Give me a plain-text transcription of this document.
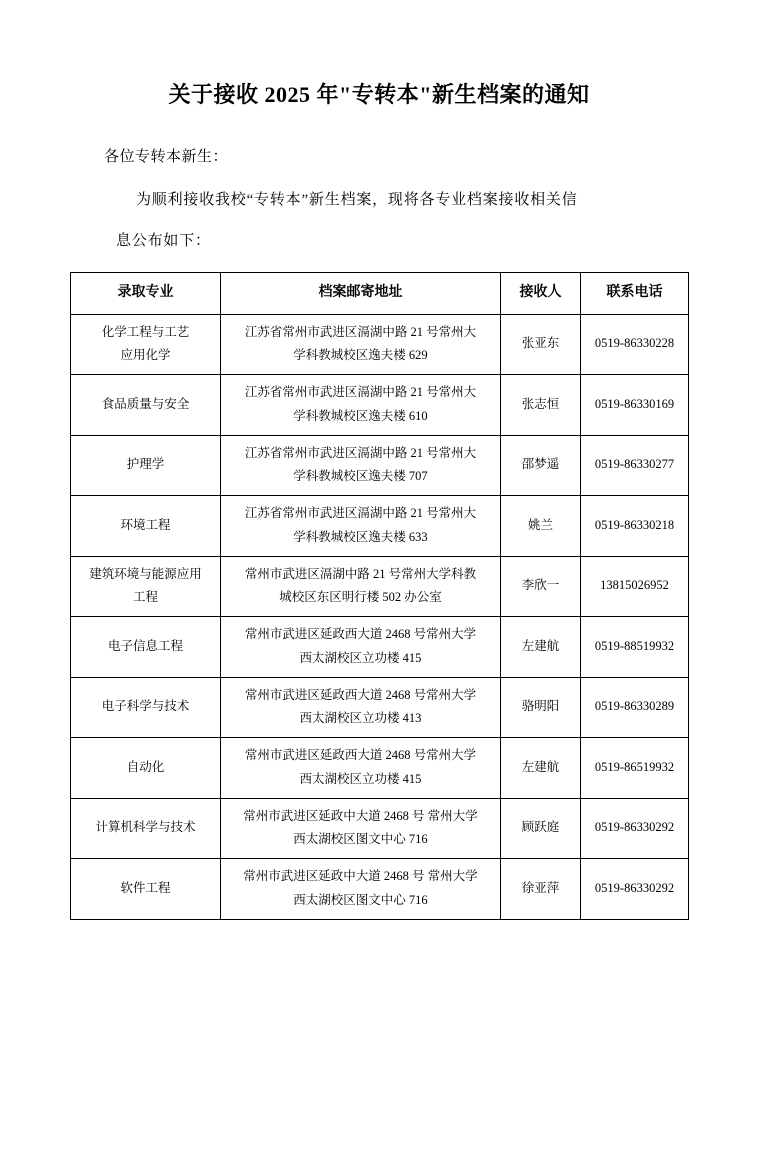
关于接收 2025 年"专转本"新生档案的通知

各位专转本新生：

为顺利接收我校“专转本”新生档案，现将各专业档案接收相关信

息公布如下：

录取专业	档案邮寄地址	接收人	联系电话

化学工程与工艺
应用化学	江苏省常州市武进区滆湖中路 21 号常州大
学科教城校区逸夫楼 629	张亚东	0519-86330228

食品质量与安全	江苏省常州市武进区滆湖中路 21 号常州大
学科教城校区逸夫楼 610	张志恒	0519-86330169

护理学	江苏省常州市武进区滆湖中路 21 号常州大
学科教城校区逸夫楼 707	邵梦遥	0519-86330277

环境工程	江苏省常州市武进区滆湖中路 21 号常州大
学科教城校区逸夫楼 633	姚兰	0519-86330218

建筑环境与能源应用
工程	常州市武进区滆湖中路 21 号常州大学科教
城校区东区明行楼 502 办公室	李欣一	13815026952

电子信息工程	常州市武进区延政西大道 2468 号常州大学
西太湖校区立功楼 415	左建航	0519-88519932

电子科学与技术	常州市武进区延政西大道 2468 号常州大学
西太湖校区立功楼 413	骆明阳	0519-86330289

自动化	常州市武进区延政西大道 2468 号常州大学
西太湖校区立功楼 415	左建航	0519-86519932

计算机科学与技术	常州市武进区延政中大道 2468 号 常州大学
西太湖校区图文中心 716	顾跃庭	0519-86330292

软件工程	常州市武进区延政中大道 2468 号 常州大学
西太湖校区图文中心 716	徐亚萍	0519-86330292
